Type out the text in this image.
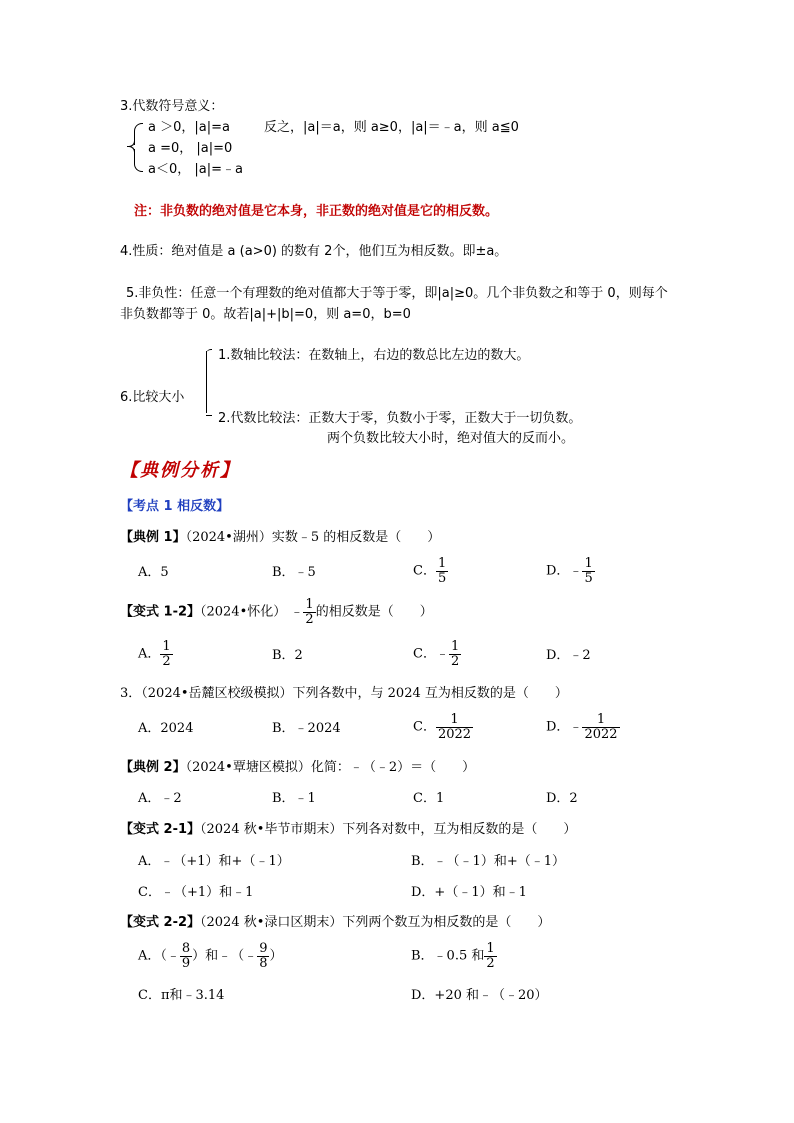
3.代数符号意义：
a ＞0，|a|=a	反之，|a|＝a，则 a≥0，|a|＝﹣a，则 a≦0
a =0， |a|=0
a＜0， |a|=﹣a
注：非负数的绝对值是它本身，非正数的绝对值是它的相反数。
4.性质：绝对值是 a (a>0) 的数有 2个，他们互为相反数。即±a。
5.非负性：任意一个有理数的绝对值都大于等于零，即|a|≥0。几个非负数之和等于 0，则每个
非负数都等于 0。故若|a|+|b|=0，则 a=0，b=0
6.比较大小
1.数轴比较法：在数轴上，右边的数总比左边的数大。
2.代数比较法：正数大于零，负数小于零，正数大于一切负数。
两个负数比较大小时，绝对值大的反而小。
【典例分析】
【考点 1 相反数】
【典例 1】（2024•湖州）实数﹣5 的相反数是（　　）
A．5	B．﹣5	C． $\frac{1}{5}$	D．﹣ $\frac{1}{5}$
【变式 1-2】（2024•怀化） ﹣ $\frac{1}{2}$ 的相反数是（　　）
A． $\frac{1}{2}$	B．2	C．﹣ $\frac{1}{2}$	D．﹣2
3．（2024•岳麓区校级模拟）下列各数中，与 2024 互为相反数的是（　　）
A．2024	B．﹣2024	C． $\frac{1}{2022}$	D．﹣ $\frac{1}{2022}$
【典例 2】（2024•覃塘区模拟）化简：﹣（﹣2）＝（　　）
A．﹣2	B．﹣1	C．1	D．2
【变式 2-1】（2024 秋•毕节市期末）下列各对数中，互为相反数的是（　　）
A．﹣（+1）和+（﹣1）	B．﹣（﹣1）和+（﹣1）
C．﹣（+1）和﹣1	D．+（﹣1）和﹣1
【变式 2-2】（2024 秋•渌口区期末）下列两个数互为相反数的是（　　）
A．（﹣ $\frac{8}{9}$ ）和﹣（﹣ $\frac{9}{8}$ ）	B．﹣0.5 和 $\frac{1}{2}$
C．π和﹣3.14	D．+20 和﹣（﹣20）
